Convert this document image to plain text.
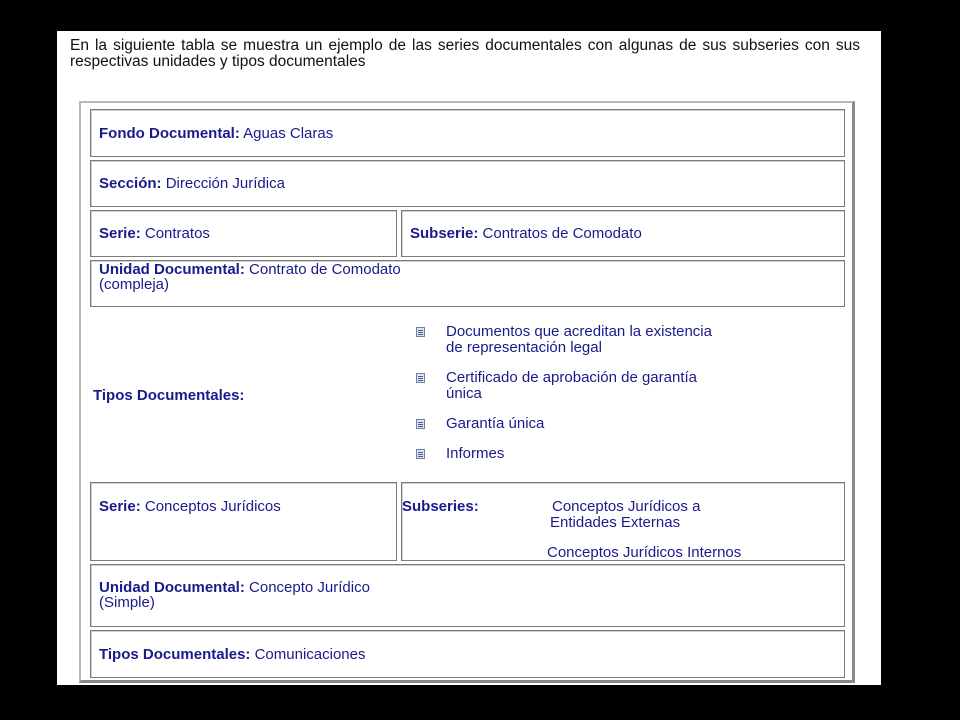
En la siguiente tabla se muestra un ejemplo de las series documentales con algunas de sus subseries con sus respectivas unidades y tipos documentales

Fondo Documental: Aguas Claras
Sección: Dirección Jurídica
Serie: Contratos	Subserie: Contratos de Comodato
Unidad Documental: Contrato de Comodato
(compleja)
Tipos Documentales:
Documentos que acreditan la existencia
de representación legal
Certificado de aprobación de garantía
única
Garantía única
Informes
Serie: Conceptos Jurídicos	Subseries:	Conceptos Jurídicos a
Entidades Externas
Conceptos Jurídicos Internos
Unidad Documental: Concepto Jurídico
(Simple)
Tipos Documentales: Comunicaciones
